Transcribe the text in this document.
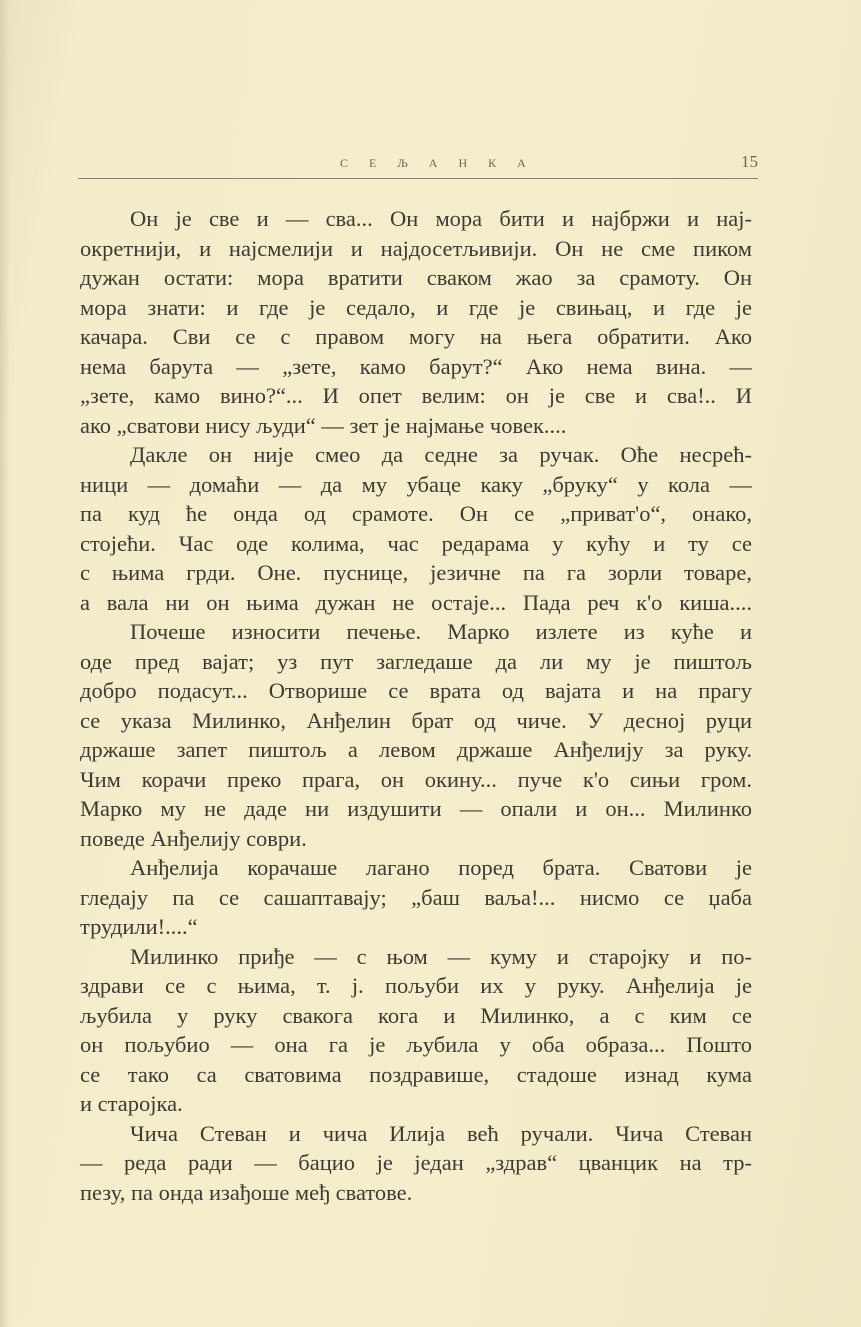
С Е Љ А Н К А	15
Он је све и — сва... Он мора бити и најбржи и нај-
окретнији, и најсмелији и најдосетљивији. Он не сме пиком
дужан остати: мора вратити сваком жао за срамоту. Он
мора знати: и где је седало, и где је свињац, и где је
качара. Сви се с правом могу на њега обратити. Ако
нема барута — „зете, камо барут?“ Ако нема вина. —
„зете, камо вино?“... И опет велим: он је све и сва!.. И
ако „сватови нису људи“ — зет је најмање човек....
Дакле он није смео да седне за ручак. Оће несрећ-
ници — домаћи — да му убаце каку „бруку“ у кола —
па куд ће онда од срамоте. Он се „приват'о“, онако,
стојећи. Час оде колима, час редарама у кућу и ту се
с њима грди. Оне. пуснице, језичне па га зорли товаре,
а вала ни он њима дужан не остаје... Пада реч к'о киша....
Почеше износити печење. Марко излете из куће и
оде пред вајат; уз пут загледаше да ли му је пиштољ
добро подасут... Отворише се врата од вајата и на прагу
се указа Милинко, Анђелин брат од чиче. У десној руци
држаше запет пиштољ а левом држаше Анђелију за руку.
Чим корачи преко прага, он окину... пуче к'о сињи гром.
Марко му не даде ни издушити — опали и он... Милинко
поведе Анђелију соври.
Анђелија корачаше лагано поред брата. Сватови је
гледају па се сашаптавају; „баш ваља!... нисмо се џаба
трудили!....“
Милинко приђе — с њом — куму и старојку и по-
здрави се с њима, т. ј. пољуби их у руку. Анђелија је
љубила у руку свакога кога и Милинко, а с ким се
он пољубио — она га је љубила у оба образа... Пошто
се тако са сватовима поздравише, стадоше изнад кума
и старојка.
Чича Стеван и чича Илија већ ручали. Чича Стеван
— реда ради — бацио је један „здрав“ цванцик на тр-
пезу, па онда изађоше међ сватове.
